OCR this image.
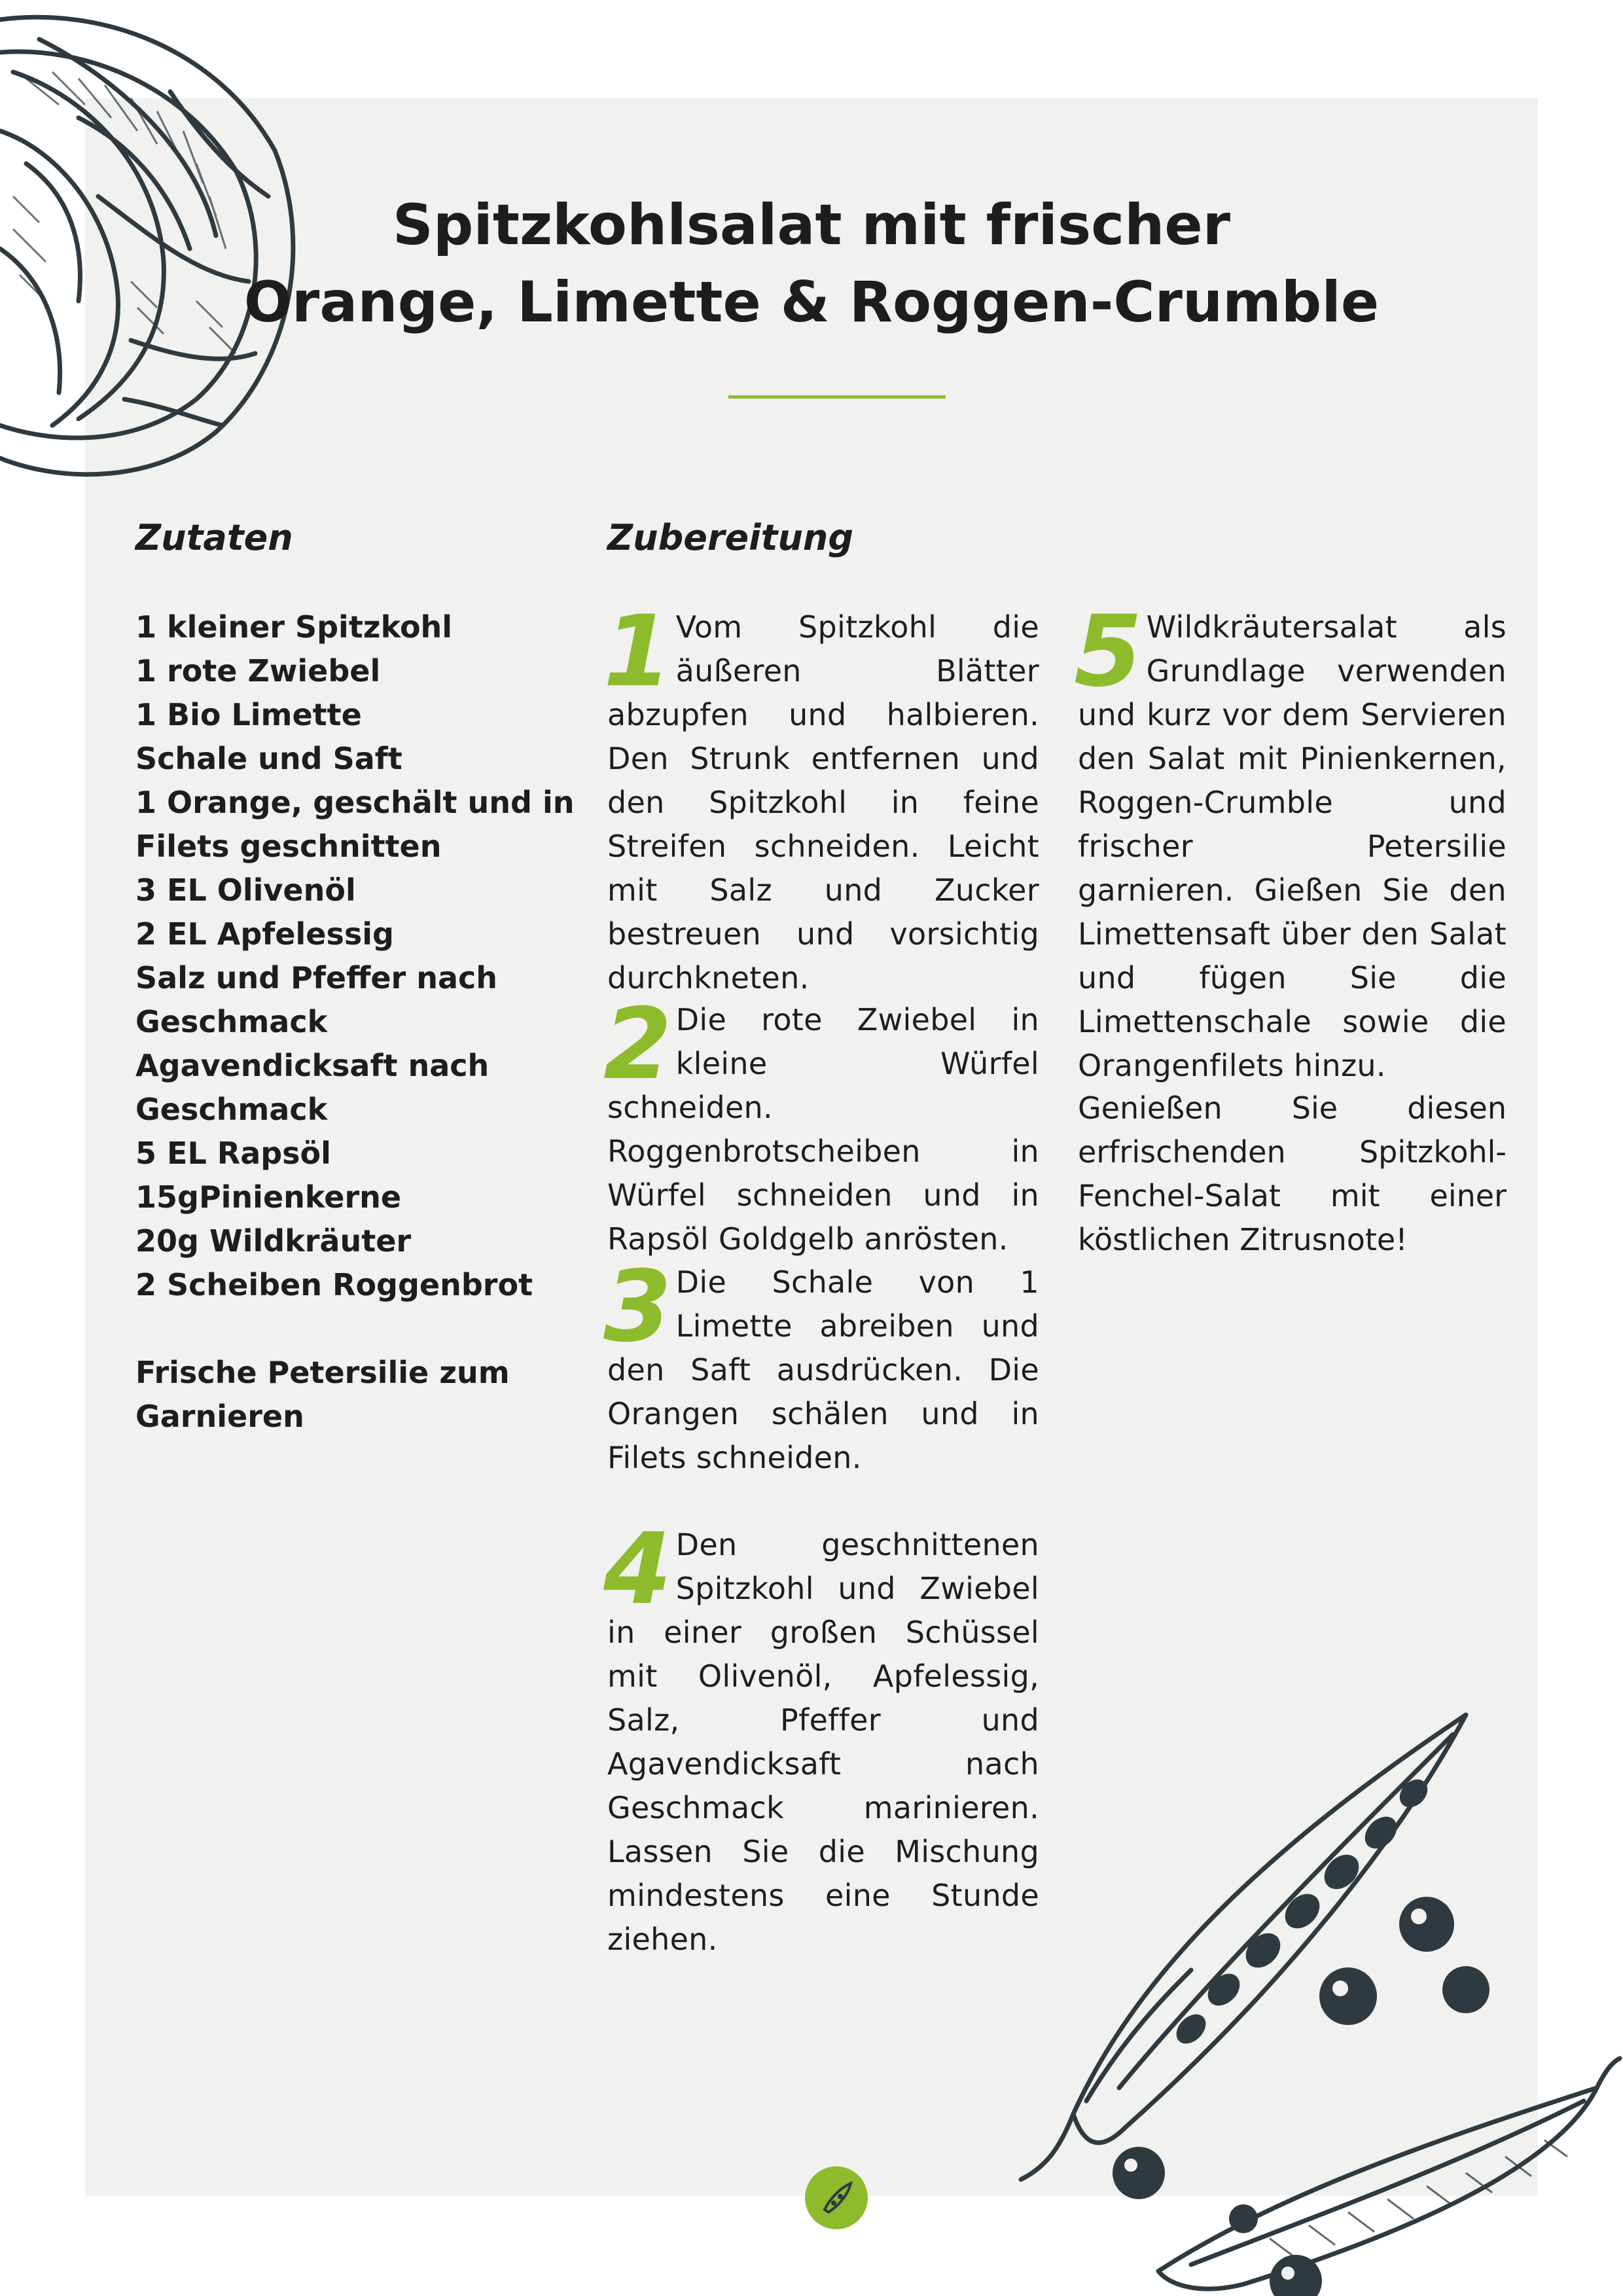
Spitzkohlsalat mit frischer
Orange, Limette & Roggen-Crumble
Zutaten
1 kleiner Spitzkohl
1 rote Zwiebel
1 Bio Limette
Schale und Saft
1 Orange, geschält und in
Filets geschnitten
3 EL Olivenöl
2 EL Apfelessig
Salz und Pfeffer nach
Geschmack
Agavendicksaft nach
Geschmack
5 EL Rapsöl
15gPinienkerne
20g Wildkräuter
2 Scheiben Roggenbrot
Frische Petersilie zum
Garnieren
Zubereitung
1 Vom Spitzkohl die äußeren Blätter abzupfen und halbieren. Den Strunk entfernen und den Spitzkohl in feine Streifen schneiden. Leicht mit Salz und Zucker bestreuen und vorsichtig durchkneten.
2 Die rote Zwiebel in kleine Würfel schneiden. Roggenbrotscheiben in Würfel schneiden und in Rapsöl Goldgelb anrösten.
3 Die Schale von 1 Limette abreiben und den Saft ausdrücken. Die Orangen schälen und in Filets schneiden.
4 Den geschnittenen Spitzkohl und Zwiebel in einer großen Schüssel mit Olivenöl, Apfelessig, Salz, Pfeffer und Agavendicksaft nach Geschmack marinieren. Lassen Sie die Mischung mindestens eine Stunde ziehen.
5 Wildkräutersalat als Grundlage verwenden und kurz vor dem Servieren den Salat mit Pinienkernen, Roggen-Crumble und frischer Petersilie garnieren. Gießen Sie den Limettensaft über den Salat und fügen Sie die Limettenschale sowie die Orangenfilets hinzu.
Genießen Sie diesen erfrischenden Spitzkohl-Fenchel-Salat mit einer köstlichen Zitrusnote!
